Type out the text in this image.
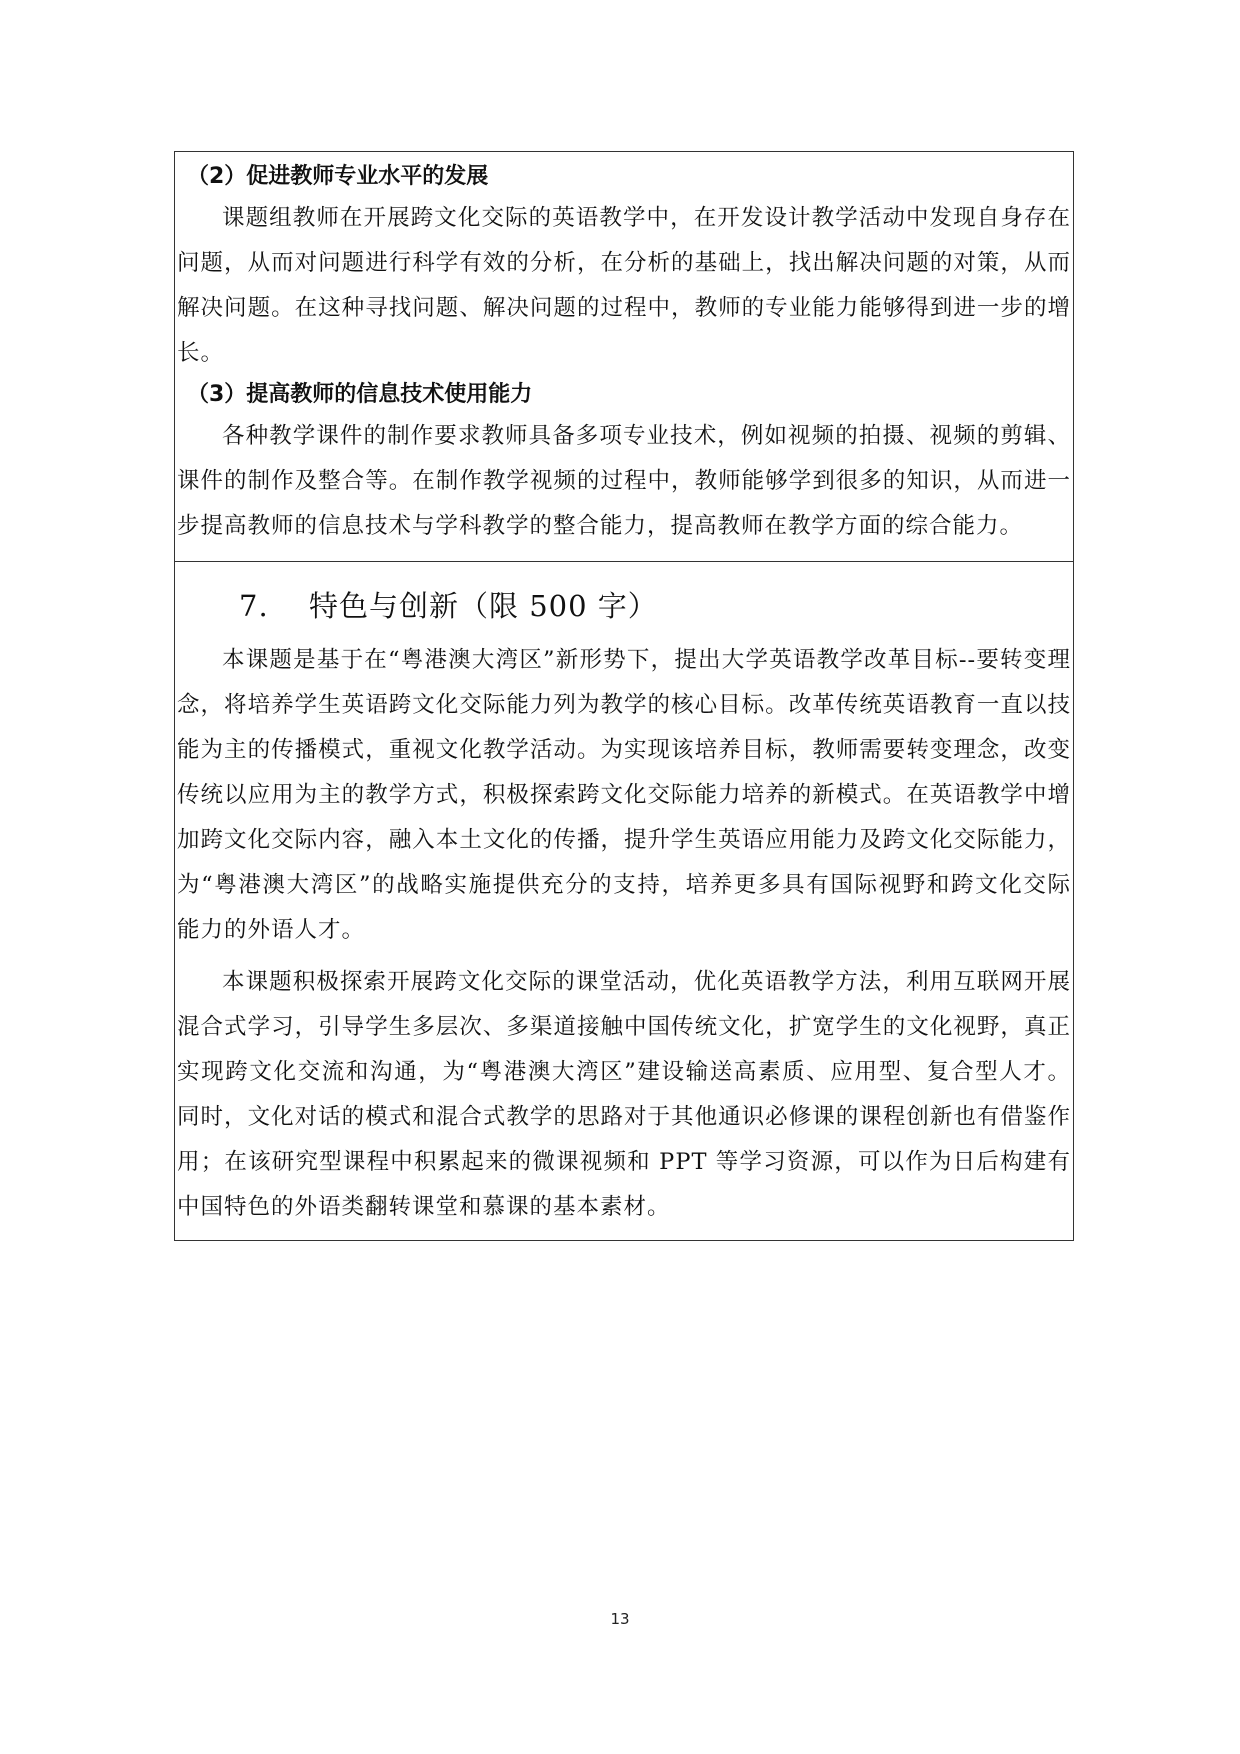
（2）促进教师专业水平的发展

课题组教师在开展跨文化交际的英语教学中，在开发设计教学活动中发现自身存在问题，从而对问题进行科学有效的分析，在分析的基础上，找出解决问题的对策，从而解决问题。在这种寻找问题、解决问题的过程中，教师的专业能力能够得到进一步的增长。

（3）提高教师的信息技术使用能力

各种教学课件的制作要求教师具备多项专业技术，例如视频的拍摄、视频的剪辑、课件的制作及整合等。在制作教学视频的过程中，教师能够学到很多的知识，从而进一步提高教师的信息技术与学科教学的整合能力，提高教师在教学方面的综合能力。

7. 特色与创新（限 500 字）

本课题是基于在“粤港澳大湾区”新形势下，提出大学英语教学改革目标--要转变理念，将培养学生英语跨文化交际能力列为教学的核心目标。改革传统英语教育一直以技能为主的传播模式，重视文化教学活动。为实现该培养目标，教师需要转变理念，改变传统以应用为主的教学方式，积极探索跨文化交际能力培养的新模式。在英语教学中增加跨文化交际内容，融入本土文化的传播，提升学生英语应用能力及跨文化交际能力，为“粤港澳大湾区”的战略实施提供充分的支持，培养更多具有国际视野和跨文化交际能力的外语人才。

本课题积极探索开展跨文化交际的课堂活动，优化英语教学方法，利用互联网开展混合式学习，引导学生多层次、多渠道接触中国传统文化，扩宽学生的文化视野，真正实现跨文化交流和沟通，为“粤港澳大湾区”建设输送高素质、应用型、复合型人才。同时，文化对话的模式和混合式教学的思路对于其他通识必修课的课程创新也有借鉴作用；在该研究型课程中积累起来的微课视频和 PPT 等学习资源，可以作为日后构建有中国特色的外语类翻转课堂和慕课的基本素材。

13
